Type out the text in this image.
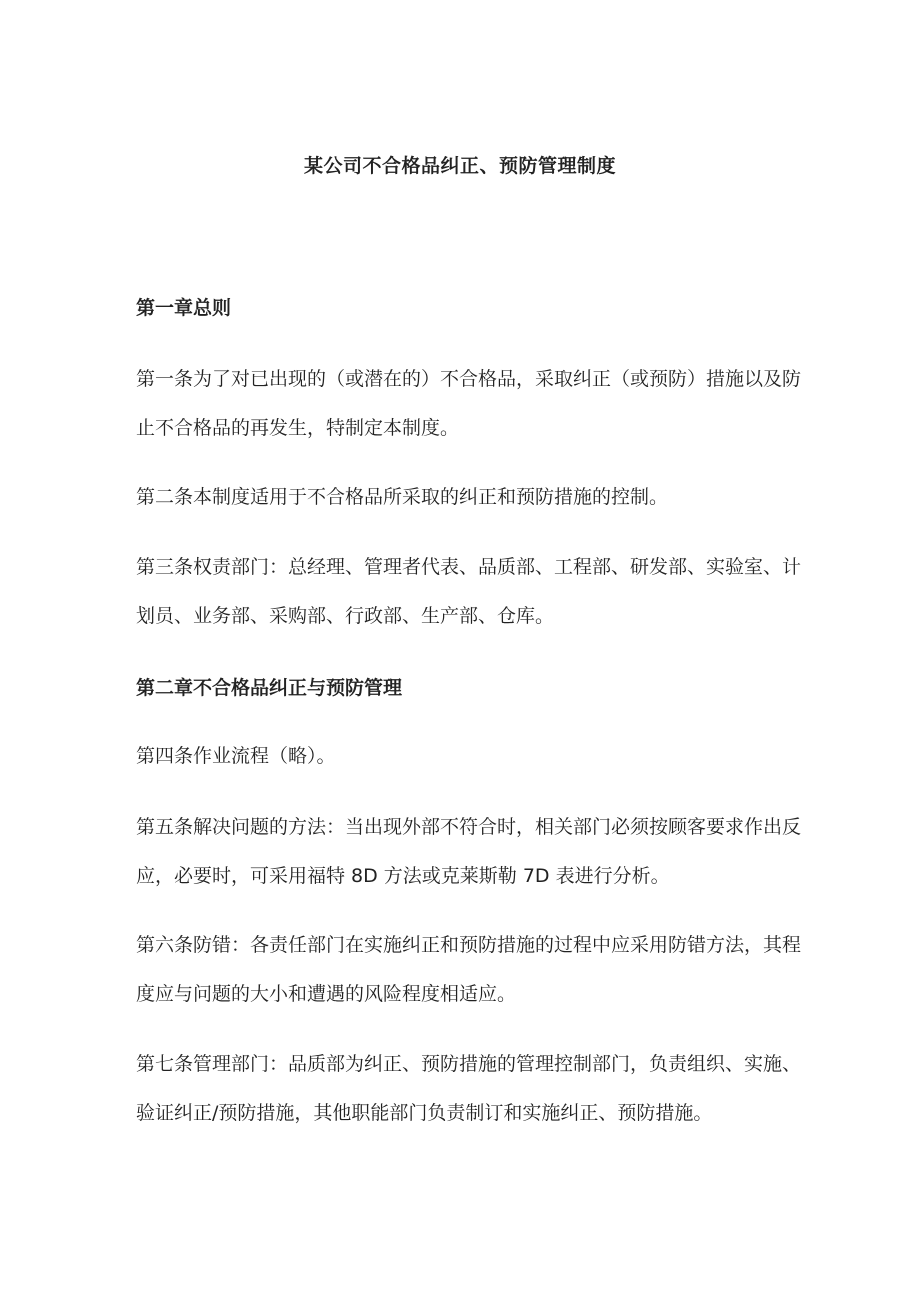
某公司不合格品纠正、预防管理制度
第一章总则
第一条为了对已出现的（或潜在的）不合格品，采取纠正（或预防）措施以及防止不合格品的再发生，特制定本制度。
第二条本制度适用于不合格品所采取的纠正和预防措施的控制。
第三条权责部门：总经理、管理者代表、品质部、工程部、研发部、实验室、计划员、业务部、采购部、行政部、生产部、仓库。
第二章不合格品纠正与预防管理
第四条作业流程（略）。
第五条解决问题的方法：当出现外部不符合时，相关部门必须按顾客要求作出反应，必要时，可采用福特 8D 方法或克莱斯勒 7D 表进行分析。
第六条防错：各责任部门在实施纠正和预防措施的过程中应采用防错方法，其程度应与问题的大小和遭遇的风险程度相适应。
第七条管理部门：品质部为纠正、预防措施的管理控制部门，负责组织、实施、验证纠正/预防措施，其他职能部门负责制订和实施纠正、预防措施。
